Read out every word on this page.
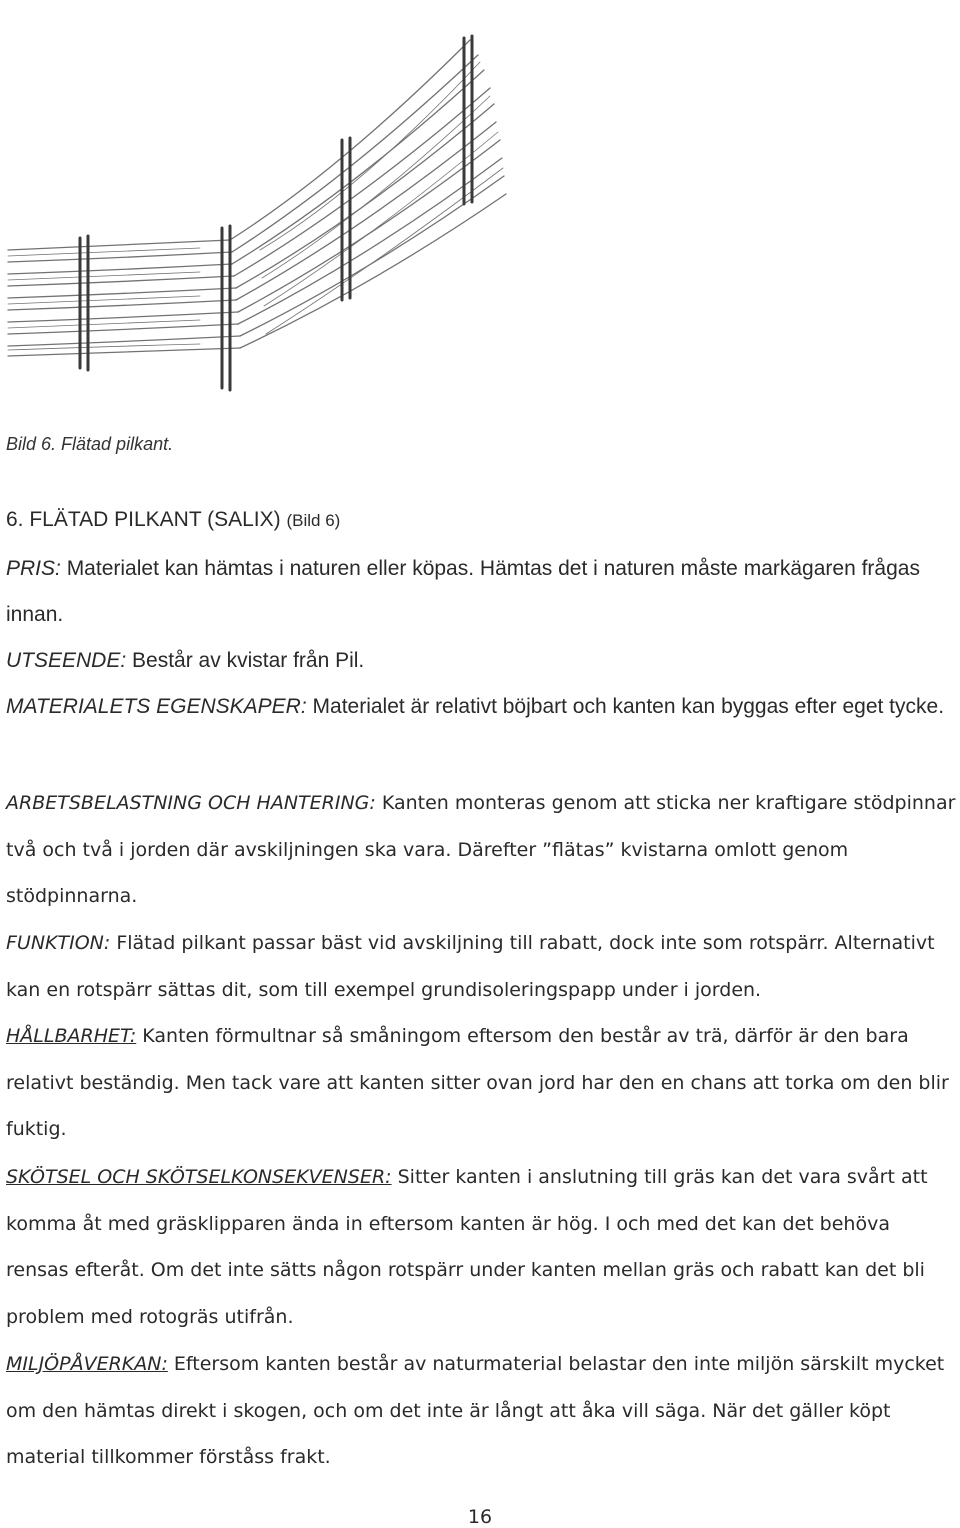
Bild 6. Flätad pilkant.
6. FLÄTAD PILKANT (SALIX) (Bild 6)
PRIS: Materialet kan hämtas i naturen eller köpas. Hämtas det i naturen måste markägaren frågas innan.
UTSEENDE: Består av kvistar från Pil.
MATERIALETS EGENSKAPER: Materialet är relativt böjbart och kanten kan byggas efter eget tycke.
ARBETSBELASTNING OCH HANTERING: Kanten monteras genom att sticka ner kraftigare stödpinnar två och två i jorden där avskiljningen ska vara. Därefter ”flätas” kvistarna omlott genom stödpinnarna.
FUNKTION: Flätad pilkant passar bäst vid avskiljning till rabatt, dock inte som rotspärr. Alternativt kan en rotspärr sättas dit, som till exempel grundisoleringspapp under i jorden.
HÅLLBARHET: Kanten förmultnar så småningom eftersom den består av trä, därför är den bara relativt beständig. Men tack vare att kanten sitter ovan jord har den en chans att torka om den blir fuktig.
SKÖTSEL OCH SKÖTSELKONSEKVENSER: Sitter kanten i anslutning till gräs kan det vara svårt att komma åt med gräsklipparen ända in eftersom kanten är hög. I och med det kan det behöva rensas efteråt. Om det inte sätts någon rotspärr under kanten mellan gräs och rabatt kan det bli problem med rotogräs utifrån.
MILJÖPÅVERKAN: Eftersom kanten består av naturmaterial belastar den inte miljön särskilt mycket om den hämtas direkt i skogen, och om det inte är långt att åka vill säga. När det gäller köpt material tillkommer förståss frakt.
16
